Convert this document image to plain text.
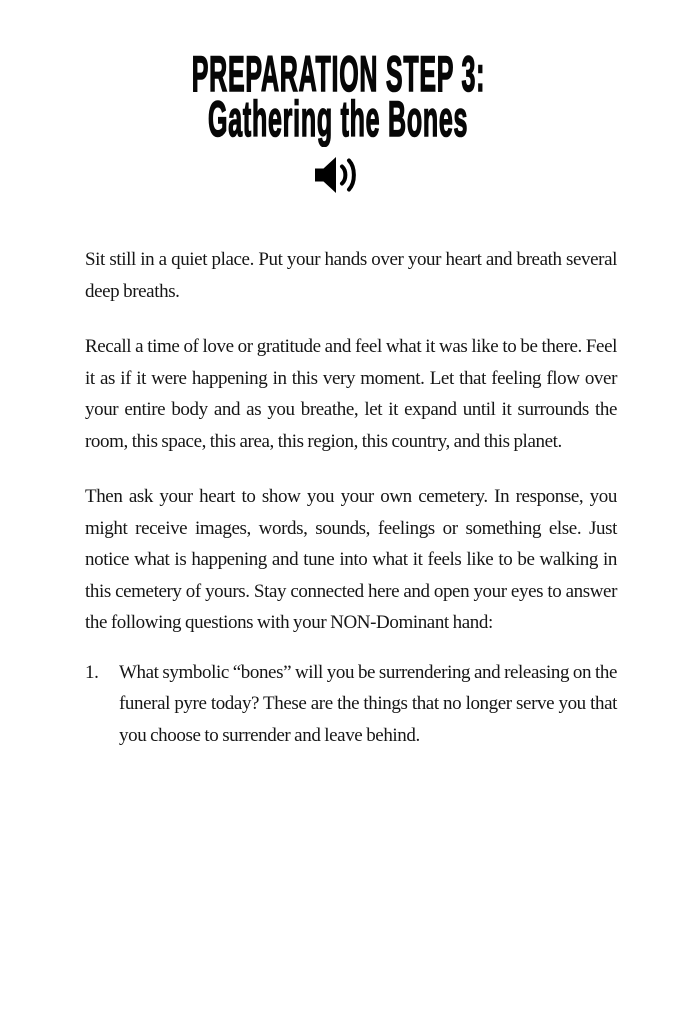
PREPARATION STEP 3:
Gathering the Bones

Sit still in a quiet place. Put your hands over your heart and breath several deep breaths.

Recall a time of love or gratitude and feel what it was like to be there. Feel it as if it were happening in this very moment. Let that feeling flow over your entire body and as you breathe, let it expand until it surrounds the room, this space, this area, this region, this country, and this planet.

Then ask your heart to show you your own cemetery. In response, you might receive images, words, sounds, feelings or something else. Just notice what is happening and tune into what it feels like to be walking in this cemetery of yours. Stay connected here and open your eyes to answer the following questions with your NON-Dominant hand:

1.	What symbolic “bones” will you be surrendering and releasing on the funeral pyre today? These are the things that no longer serve you that you choose to surrender and leave behind.
